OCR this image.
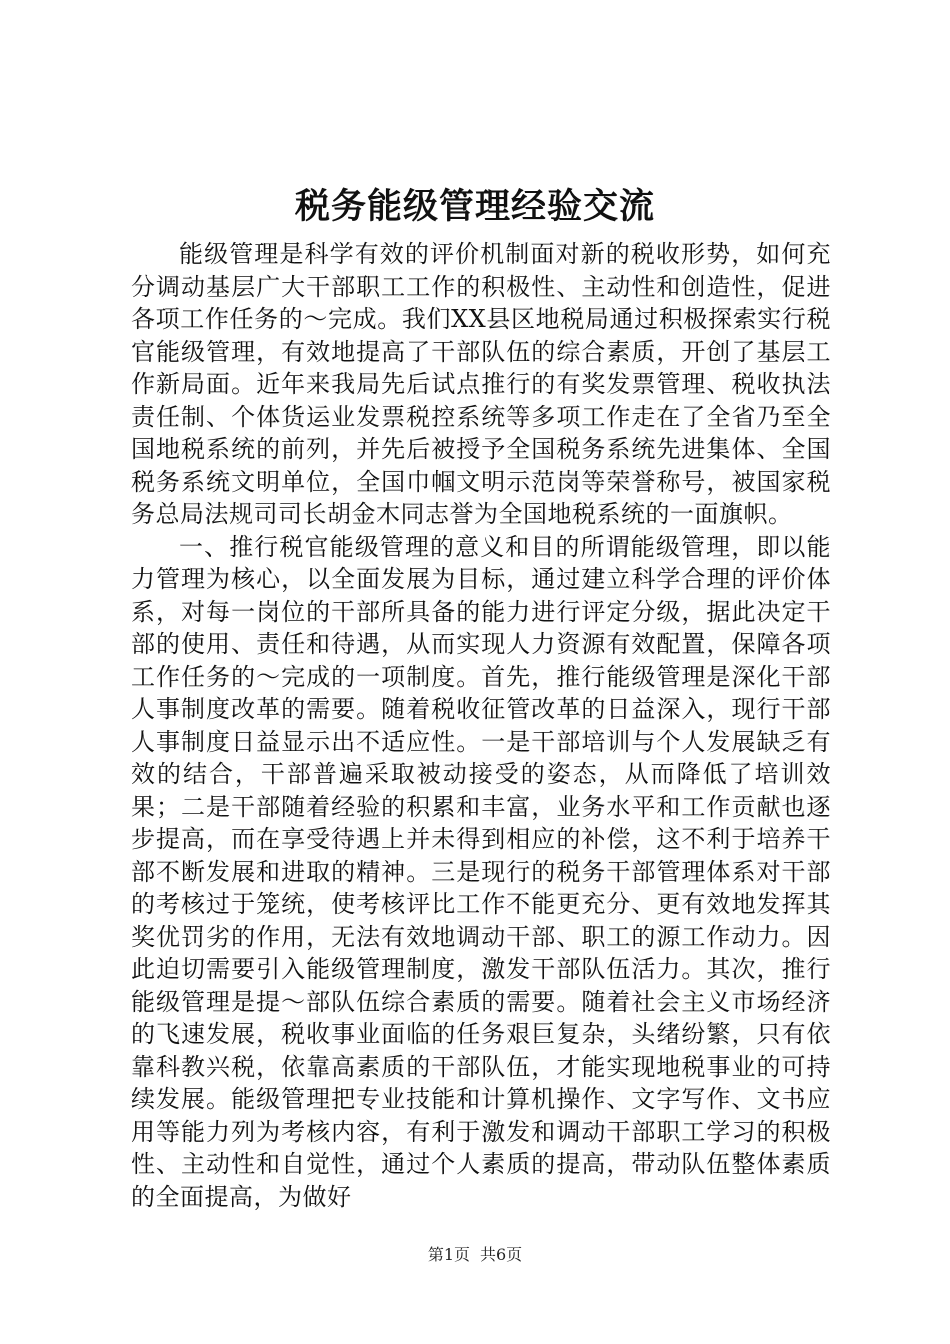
税务能级管理经验交流

能级管理是科学有效的评价机制面对新的税收形势，如何充分调动基层广大干部职工工作的积极性、主动性和创造性，促进各项工作任务的～完成。我们XX县区地税局通过积极探索实行税官能级管理，有效地提高了干部队伍的综合素质，开创了基层工作新局面。近年来我局先后试点推行的有奖发票管理、税收执法责任制、个体货运业发票税控系统等多项工作走在了全省乃至全国地税系统的前列，并先后被授予全国税务系统先进集体、全国税务系统文明单位，全国巾帼文明示范岗等荣誉称号，被国家税务总局法规司司长胡金木同志誉为全国地税系统的一面旗帜。

一、推行税官能级管理的意义和目的所谓能级管理，即以能力管理为核心，以全面发展为目标，通过建立科学合理的评价体系，对每一岗位的干部所具备的能力进行评定分级，据此决定干部的使用、责任和待遇，从而实现人力资源有效配置，保障各项工作任务的～完成的一项制度。首先，推行能级管理是深化干部人事制度改革的需要。随着税收征管改革的日益深入，现行干部人事制度日益显示出不适应性。一是干部培训与个人发展缺乏有效的结合，干部普遍采取被动接受的姿态，从而降低了培训效果；二是干部随着经验的积累和丰富，业务水平和工作贡献也逐步提高，而在享受待遇上并未得到相应的补偿，这不利于培养干部不断发展和进取的精神。三是现行的税务干部管理体系对干部的考核过于笼统，使考核评比工作不能更充分、更有效地发挥其奖优罚劣的作用，无法有效地调动干部、职工的源工作动力。因此迫切需要引入能级管理制度，激发干部队伍活力。其次，推行能级管理是提～部队伍综合素质的需要。随着社会主义市场经济的飞速发展，税收事业面临的任务艰巨复杂，头绪纷繁，只有依靠科教兴税，依靠高素质的干部队伍，才能实现地税事业的可持续发展。能级管理把专业技能和计算机操作、文字写作、文书应用等能力列为考核内容，有利于激发和调动干部职工学习的积极性、主动性和自觉性，通过个人素质的提高，带动队伍整体素质的全面提高，为做好

第1页 共6页
